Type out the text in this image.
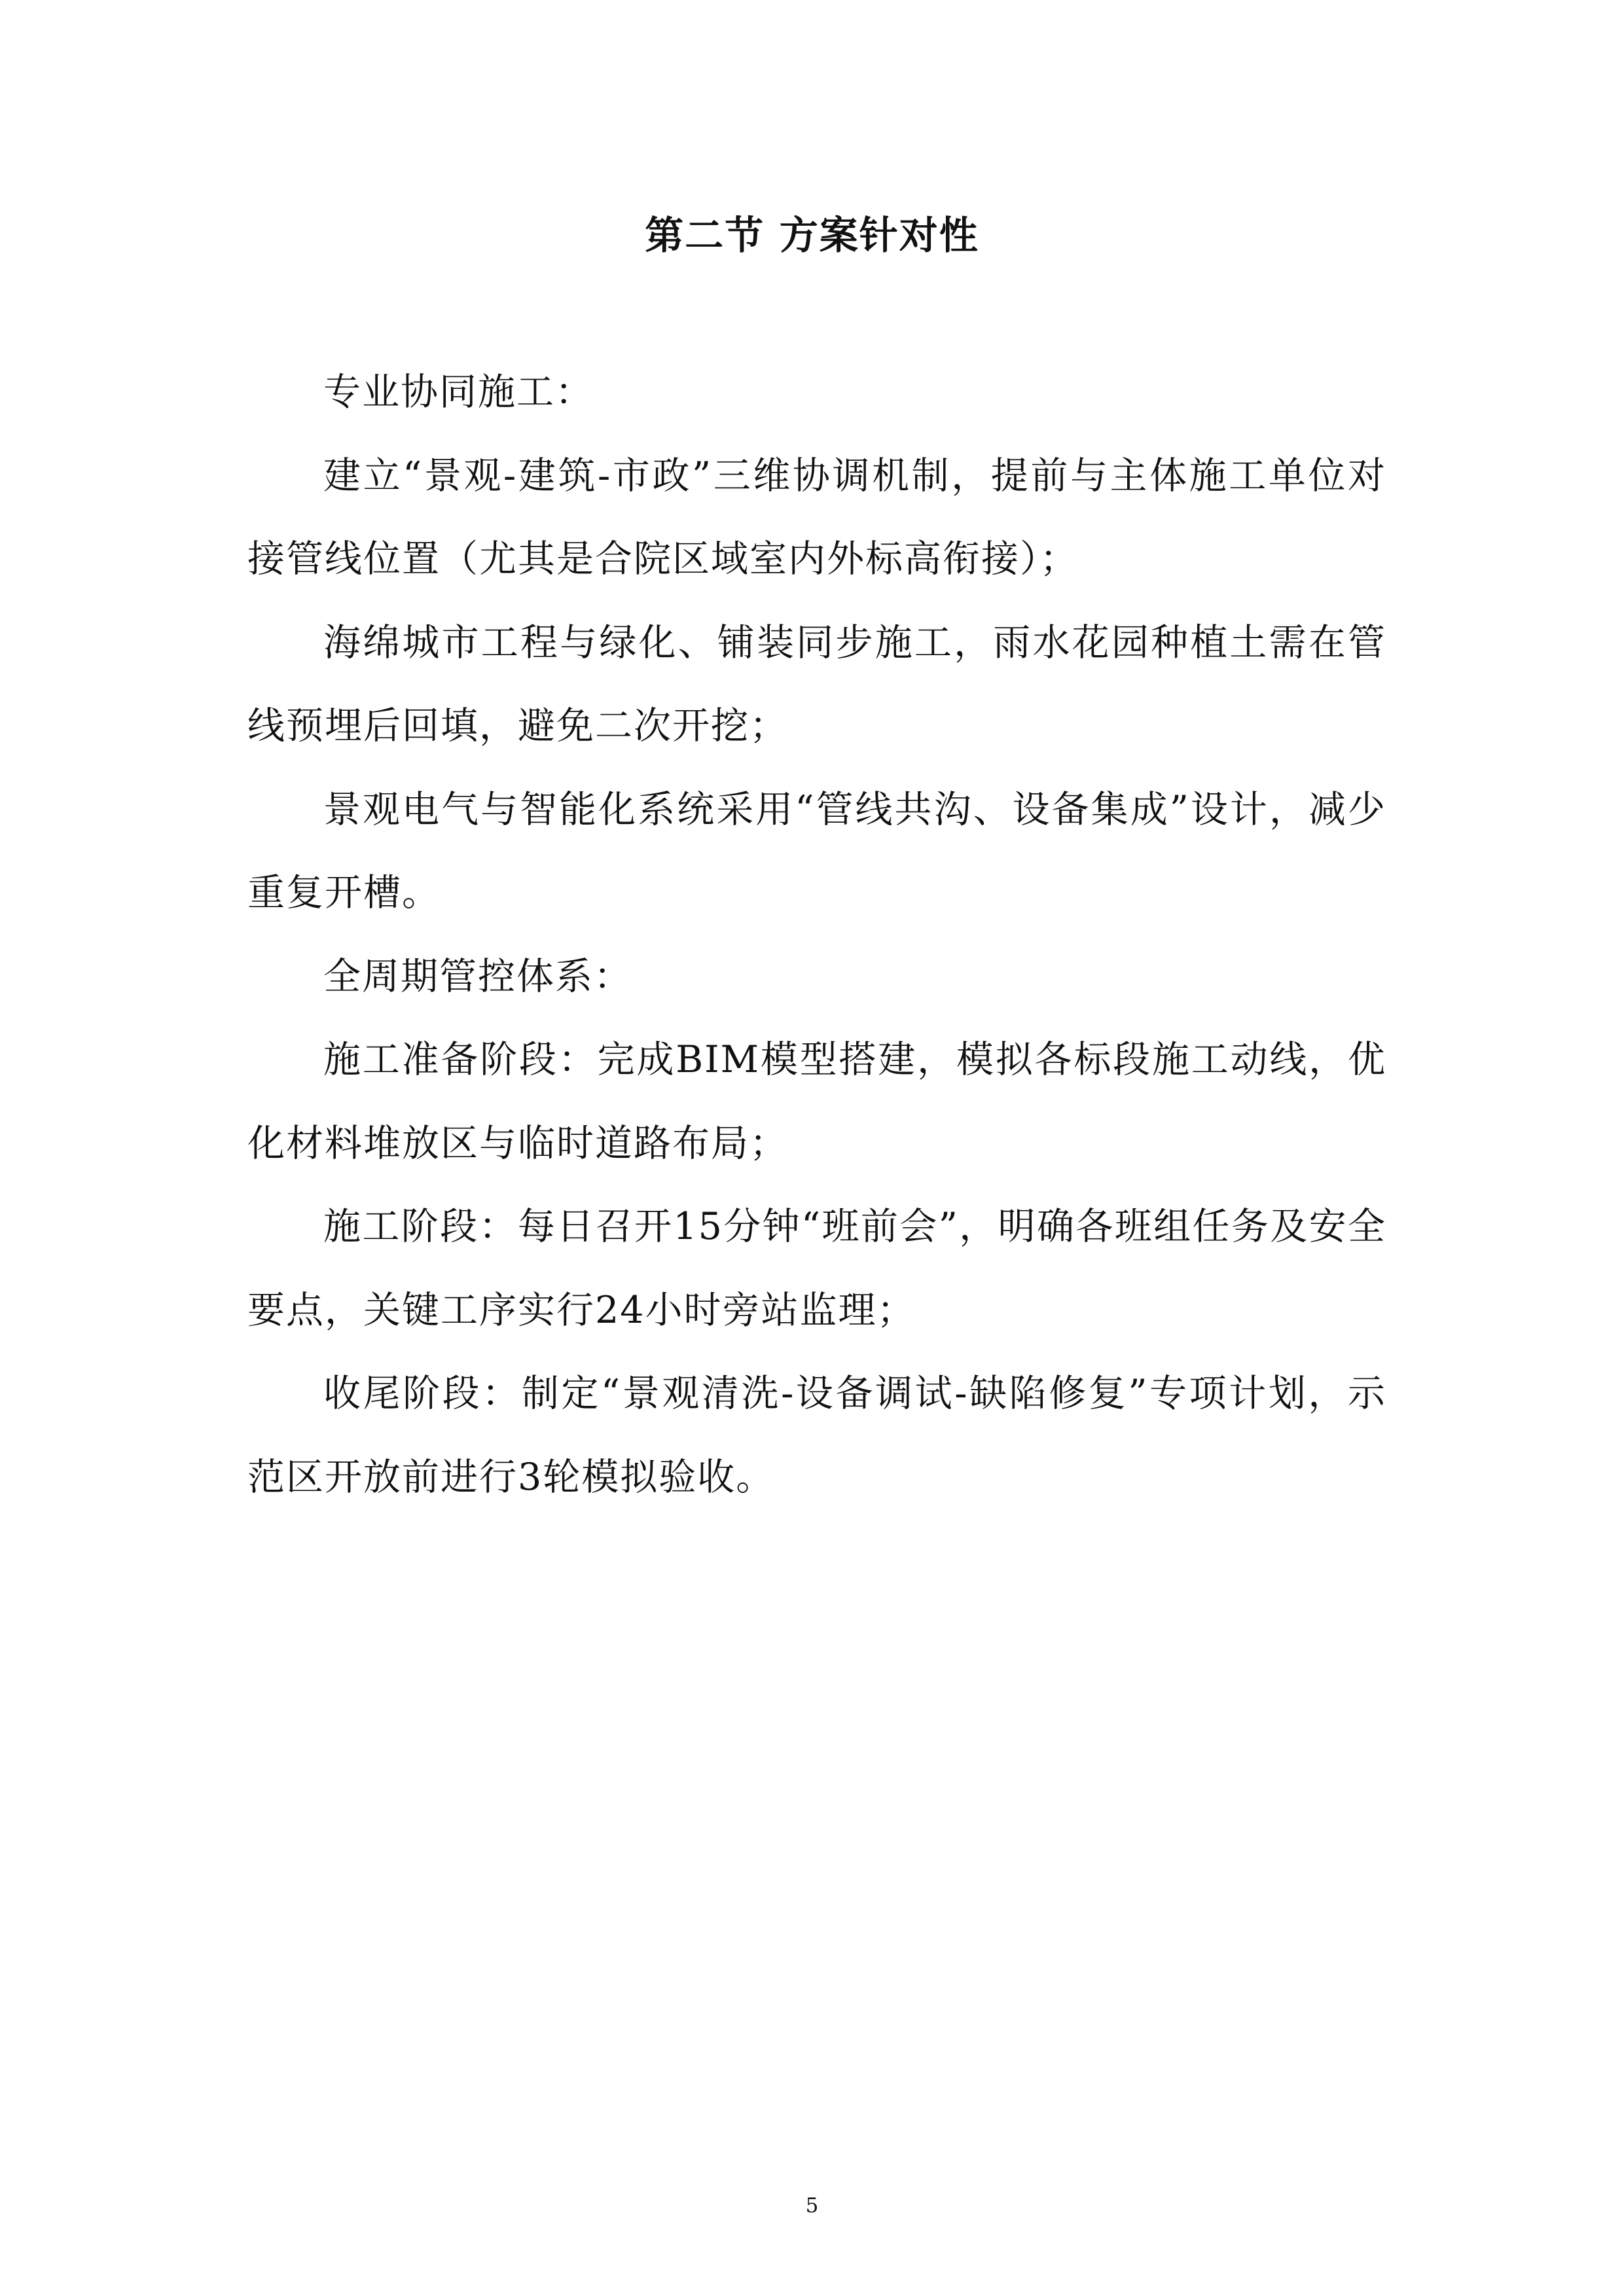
第二节 方案针对性

专业协同施工：

建立“景观-建筑-市政”三维协调机制，提前与主体施工单位对接管线位置（尤其是合院区域室内外标高衔接）；

海绵城市工程与绿化、铺装同步施工，雨水花园种植土需在管线预埋后回填，避免二次开挖；

景观电气与智能化系统采用“管线共沟、设备集成”设计，减少重复开槽。

全周期管控体系：

施工准备阶段：完成BIM模型搭建，模拟各标段施工动线，优化材料堆放区与临时道路布局；

施工阶段：每日召开15分钟“班前会”，明确各班组任务及安全要点，关键工序实行24小时旁站监理；

收尾阶段：制定“景观清洗-设备调试-缺陷修复”专项计划，示范区开放前进行3轮模拟验收。

5
